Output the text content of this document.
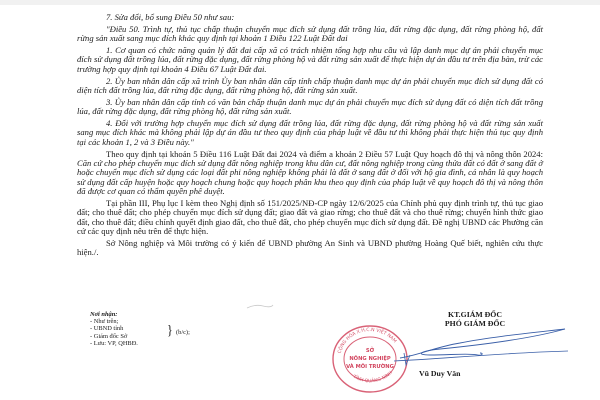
7. Sửa đổi, bổ sung Điều 50 như sau:

"Điều 50. Trình tự, thủ tục chấp thuận chuyển mục đích sử dụng đất trồng lúa, đất rừng đặc dụng, đất rừng phòng hộ, đất rừng sản xuất sang mục đích khác quy định tại khoản 1 Điều 122 Luật Đất đai

1. Cơ quan có chức năng quản lý đất đai cấp xã có trách nhiệm tổng hợp nhu cầu và lập danh mục dự án phải chuyển mục đích sử dụng đất trồng lúa, đất rừng đặc dụng, đất rừng phòng hộ và đất rừng sản xuất để thực hiện dự án đầu tư trên địa bàn, trừ các trường hợp quy định tại khoản 4 Điều 67 Luật Đất đai.

2. Ủy ban nhân dân cấp xã trình Ủy ban nhân dân cấp tỉnh chấp thuận danh mục dự án phải chuyển mục đích sử dụng đất có diện tích đất trồng lúa, đất rừng đặc dụng, đất rừng phòng hộ, đất rừng sản xuất.

3. Ủy ban nhân dân cấp tỉnh có văn bản chấp thuận danh mục dự án phải chuyển mục đích sử dụng đất có diện tích đất trồng lúa, đất rừng đặc dụng, đất rừng phòng hộ, đất rừng sản xuất.

4. Đối với trường hợp chuyển mục đích sử dụng đất trồng lúa, đất rừng đặc dụng, đất rừng phòng hộ và đất rừng sản xuất sang mục đích khác mà không phải lập dự án đầu tư theo quy định của pháp luật về đầu tư thì không phải thực hiện thủ tục quy định tại các khoản 1, 2 và 3 Điều này."

Theo quy định tại khoản 5 Điều 116 Luật Đất đai 2024 và điểm a khoản 2 Điều 57 Luật Quy hoạch đô thị và nông thôn 2024: Căn cứ cho phép chuyển mục đích sử dụng đất nông nghiệp trong khu dân cư, đất nông nghiệp trong cùng thửa đất có đất ở sang đất ở hoặc chuyển mục đích sử dụng các loại đất phi nông nghiệp không phải là đất ở sang đất ở đối với hộ gia đình, cá nhân là quy hoạch sử dụng đất cấp huyện hoặc quy hoạch chung hoặc quy hoạch phân khu theo quy định của pháp luật về quy hoạch đô thị và nông thôn đã được cơ quan có thẩm quyền phê duyệt.

Tại phần III, Phụ lục I kèm theo Nghị định số 151/2025/NĐ-CP ngày 12/6/2025 của Chính phủ quy định trình tự, thủ tục giao đất; cho thuê đất; cho phép chuyển mục đích sử dụng đất; giao đất và giao rừng; cho thuê đất và cho thuê rừng; chuyển hình thức giao đất, cho thuê đất; điều chỉnh quyết định giao đất, cho thuê đất, cho phép chuyển mục đích sử dụng đất. Đề nghị UBND các Phường căn cứ các quy định nêu trên để thực hiện.

Sở Nông nghiệp và Môi trường có ý kiến để UBND phường An Sinh và UBND phường Hoàng Quế biết, nghiên cứu thực hiện./.

Nơi nhận:
- Như trên;
- UBND tỉnh
- Giám đốc Sở
- Lưu: VP, QHBĐ.
} (b/c);
KT.GIÁM ĐỐC
PHÓ GIÁM ĐỐC
Vũ Duy Vân
CỘNG HÒA X.H.C.N VIỆT NAM
TỈNH QUẢNG NINH
SỞ
NÔNG NGHIỆP
VÀ MÔI TRƯỜNG
